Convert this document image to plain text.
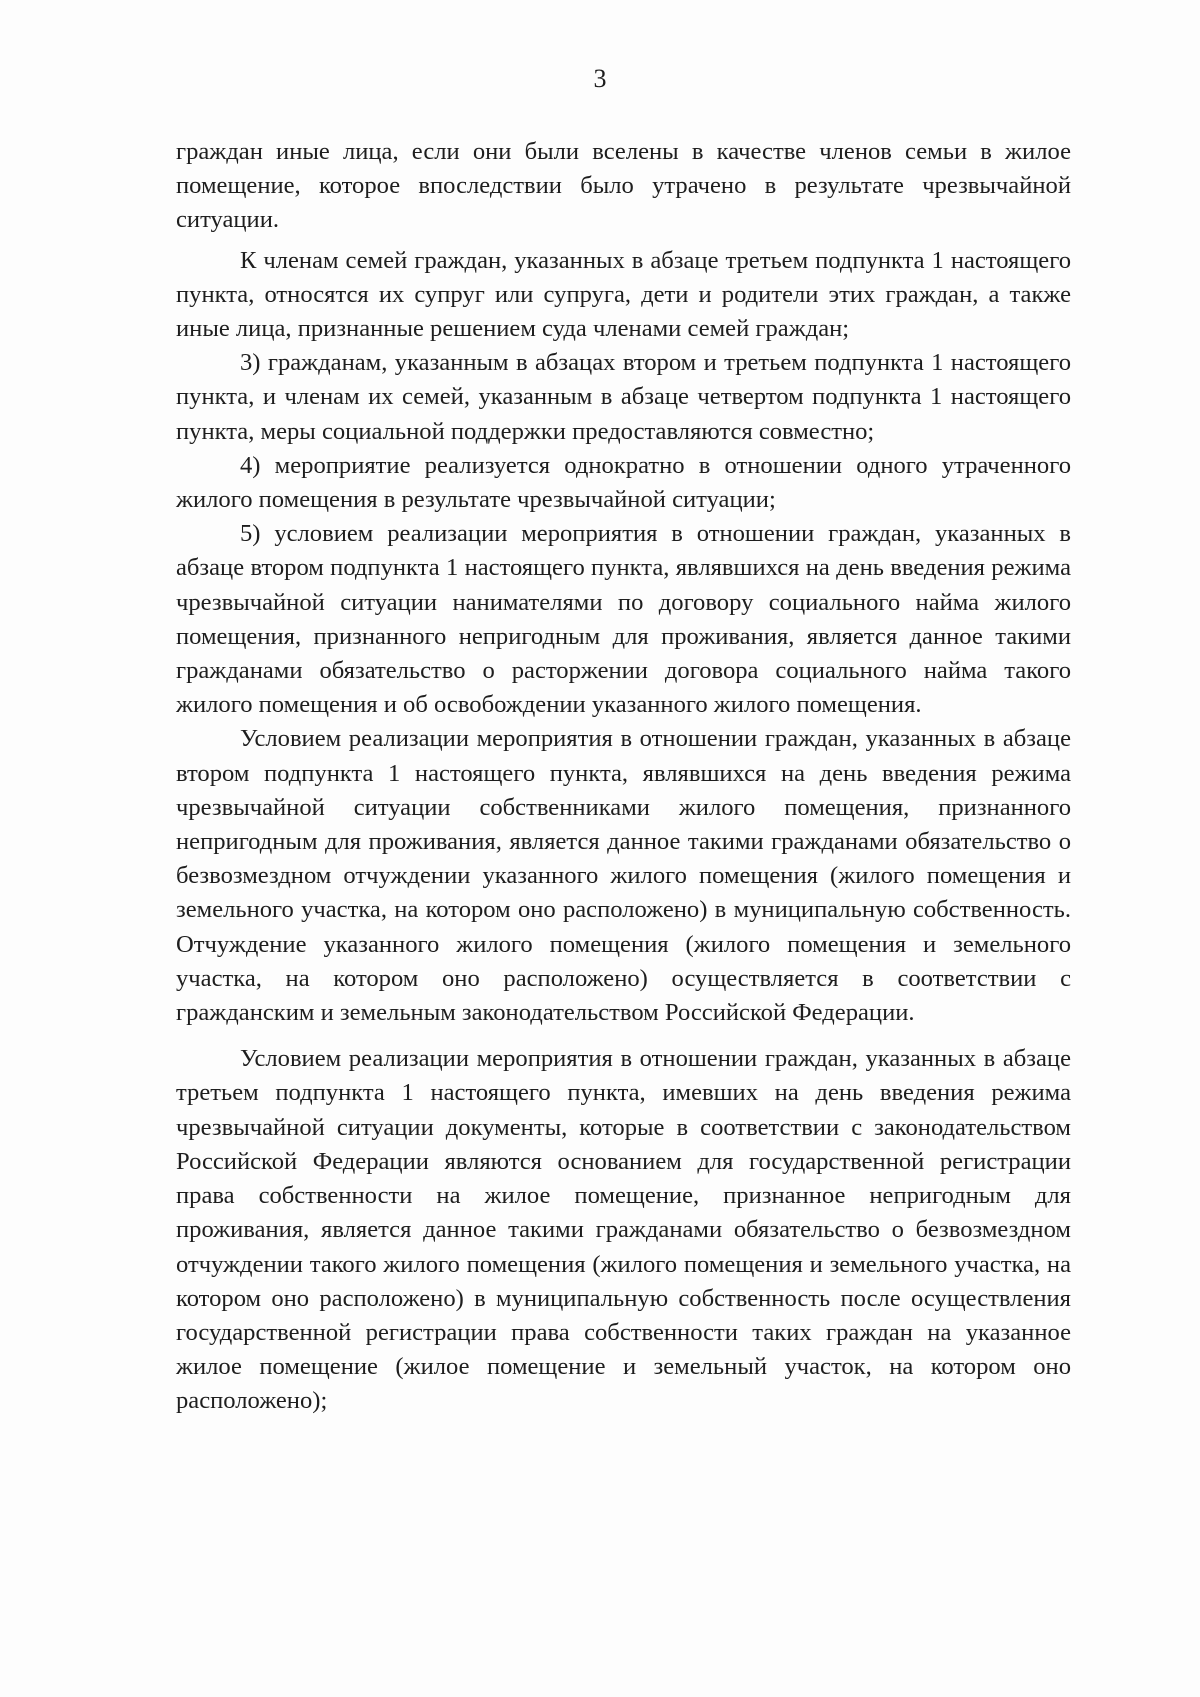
3

граждан иные лица, если они были вселены в качестве членов семьи в жилое помещение, которое впоследствии было утрачено в результате чрезвычайной ситуации.

К членам семей граждан, указанных в абзаце третьем подпункта 1 настоящего пункта, относятся их супруг или супруга, дети и родители этих граждан, а также иные лица, признанные решением суда членами семей граждан;

3) гражданам, указанным в абзацах втором и третьем подпункта 1 настоящего пункта, и членам их семей, указанным в абзаце четвертом подпункта 1 настоящего пункта, меры социальной поддержки предоставляются совместно;

4) мероприятие реализуется однократно в отношении одного утраченного жилого помещения в результате чрезвычайной ситуации;

5) условием реализации мероприятия в отношении граждан, указанных в абзаце втором подпункта 1 настоящего пункта, являвшихся на день введения режима чрезвычайной ситуации нанимателями по договору социального найма жилого помещения, признанного непригодным для проживания, является данное такими гражданами обязательство о расторжении договора социального найма такого жилого помещения и об освобождении указанного жилого помещения.

Условием реализации мероприятия в отношении граждан, указанных в абзаце втором подпункта 1 настоящего пункта, являвшихся на день введения режима чрезвычайной ситуации собственниками жилого помещения, признанного непригодным для проживания, является данное такими гражданами обязательство о безвозмездном отчуждении указанного жилого помещения (жилого помещения и земельного участка, на котором оно расположено) в муниципальную собственность. Отчуждение указанного жилого помещения (жилого помещения и земельного участка, на котором оно расположено) осуществляется в соответствии с гражданским и земельным законодательством Российской Федерации.

Условием реализации мероприятия в отношении граждан, указанных в абзаце третьем подпункта 1 настоящего пункта, имевших на день введения режима чрезвычайной ситуации документы, которые в соответствии с законодательством Российской Федерации являются основанием для государственной регистрации права собственности на жилое помещение, признанное непригодным для проживания, является данное такими гражданами обязательство о безвозмездном отчуждении такого жилого помещения (жилого помещения и земельного участка, на котором оно расположено) в муниципальную собственность после осуществления государственной регистрации права собственности таких граждан на указанное жилое помещение (жилое помещение и земельный участок, на котором оно расположено);
